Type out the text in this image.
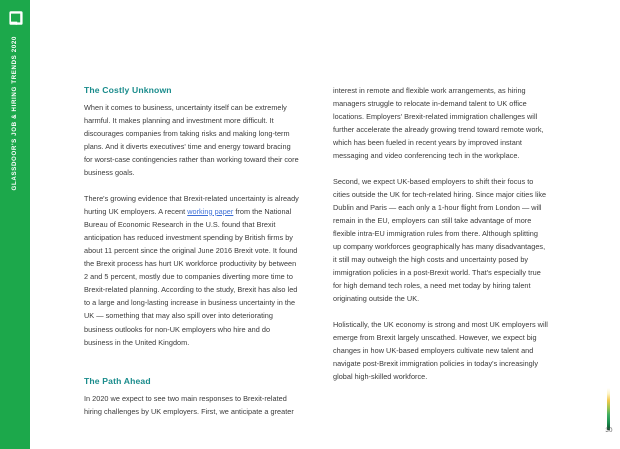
GLASSDOOR'S JOB & HIRING TRENDS 2020	The Costly Unknown

When it comes to business, uncertainty itself can be extremely harmful. It makes planning and investment more difficult. It discourages companies from taking risks and making long-term plans. And it diverts executives' time and energy toward bracing for worst-case contingencies rather than working toward their core business goals.

There's growing evidence that Brexit-related uncertainty is already hurting UK employers. A recent working paper from the National Bureau of Economic Research in the U.S. found that Brexit anticipation has reduced investment spending by British firms by about 11 percent since the original June 2016 Brexit vote. It found the Brexit process has hurt UK workforce productivity by between 2 and 5 percent, mostly due to companies diverting more time to Brexit-related planning. According to the study, Brexit has also led to a large and long-lasting increase in business uncertainty in the UK — something that may also spill over into deteriorating business outlooks for non-UK employers who hire and do business in the United Kingdom.

The Path Ahead

In 2020 we expect to see two main responses to Brexit-related hiring challenges by UK employers. First, we anticipate a greater

interest in remote and flexible work arrangements, as hiring managers struggle to relocate in-demand talent to UK office locations. Employers' Brexit-related immigration challenges will further accelerate the already growing trend toward remote work, which has been fueled in recent years by improved instant messaging and video conferencing tech in the workplace.

Second, we expect UK-based employers to shift their focus to cities outside the UK for tech-related hiring. Since major cities like Dublin and Paris — each only a 1-hour flight from London — will remain in the EU, employers can still take advantage of more flexible intra-EU immigration rules from there. Although splitting up company workforces geographically has many disadvantages, it still may outweigh the high costs and uncertainty posed by immigration policies in a post-Brexit world. That's especially true for high demand tech roles, a need met today by hiring talent originating outside the UK.

Holistically, the UK economy is strong and most UK employers will emerge from Brexit largely unscathed. However, we expect big changes in how UK-based employers cultivate new talent and navigate post-Brexit immigration policies in today's increasingly global high-skilled workforce.

30
